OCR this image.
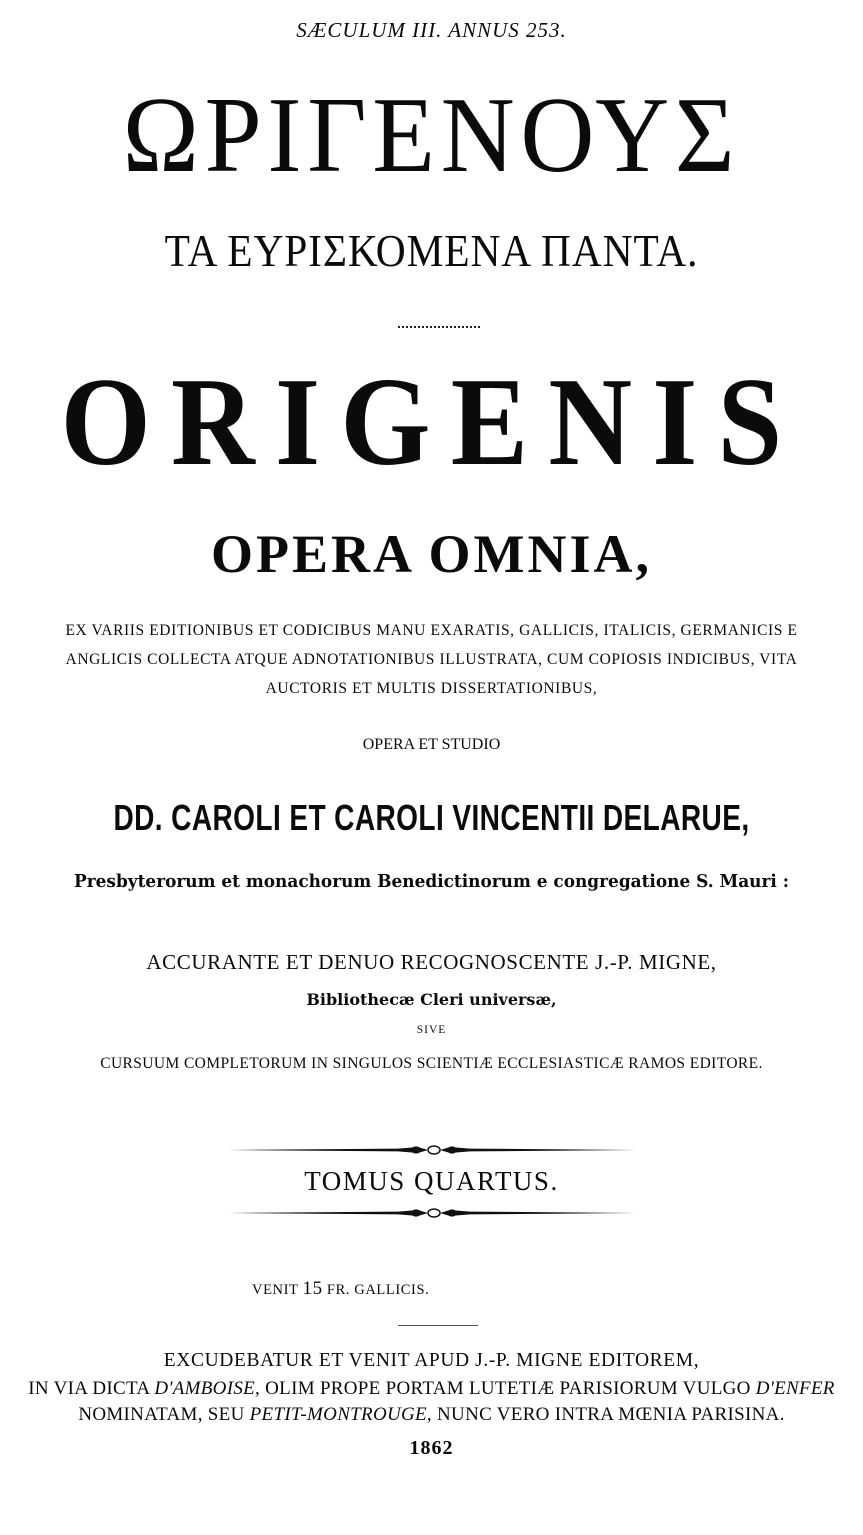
SÆCULUM III. ANNUS 253.

ΩΡΙΓΕΝΟΥΣ

ΤΑ ΕΥΡΙΣΚΟΜΕΝΑ ΠΑΝΤΑ.

ORIGENIS

OPERA OMNIA,

EX VARIIS EDITIONIBUS ET CODICIBUS MANU EXARATIS, GALLICIS, ITALICIS, GERMANICIS E

ANGLICIS COLLECTA ATQUE ADNOTATIONIBUS ILLUSTRATA, CUM COPIOSIS INDICIBUS, VITA

AUCTORIS ET MULTIS DISSERTATIONIBUS,

OPERA ET STUDIO

DD. CAROLI ET CAROLI VINCENTII DELARUE,

Presbyterorum et monachorum Benedictinorum e congregatione S. Mauri :

ACCURANTE ET DENUO RECOGNOSCENTE J.-P. MIGNE,

Bibliothecæ Cleri universæ,

SIVE

CURSUUM COMPLETORUM IN SINGULOS SCIENTIÆ ECCLESIASTICÆ RAMOS EDITORE.

TOMUS QUARTUS.

VENIT 15 FR. GALLICIS.

EXCUDEBATUR ET VENIT APUD J.-P. MIGNE EDITOREM,

IN VIA DICTA D'AMBOISE, OLIM PROPE PORTAM LUTETIÆ PARISIORUM VULGO D'ENFER

NOMINATAM, SEU PETIT-MONTROUGE, NUNC VERO INTRA MŒNIA PARISINA.

1862
